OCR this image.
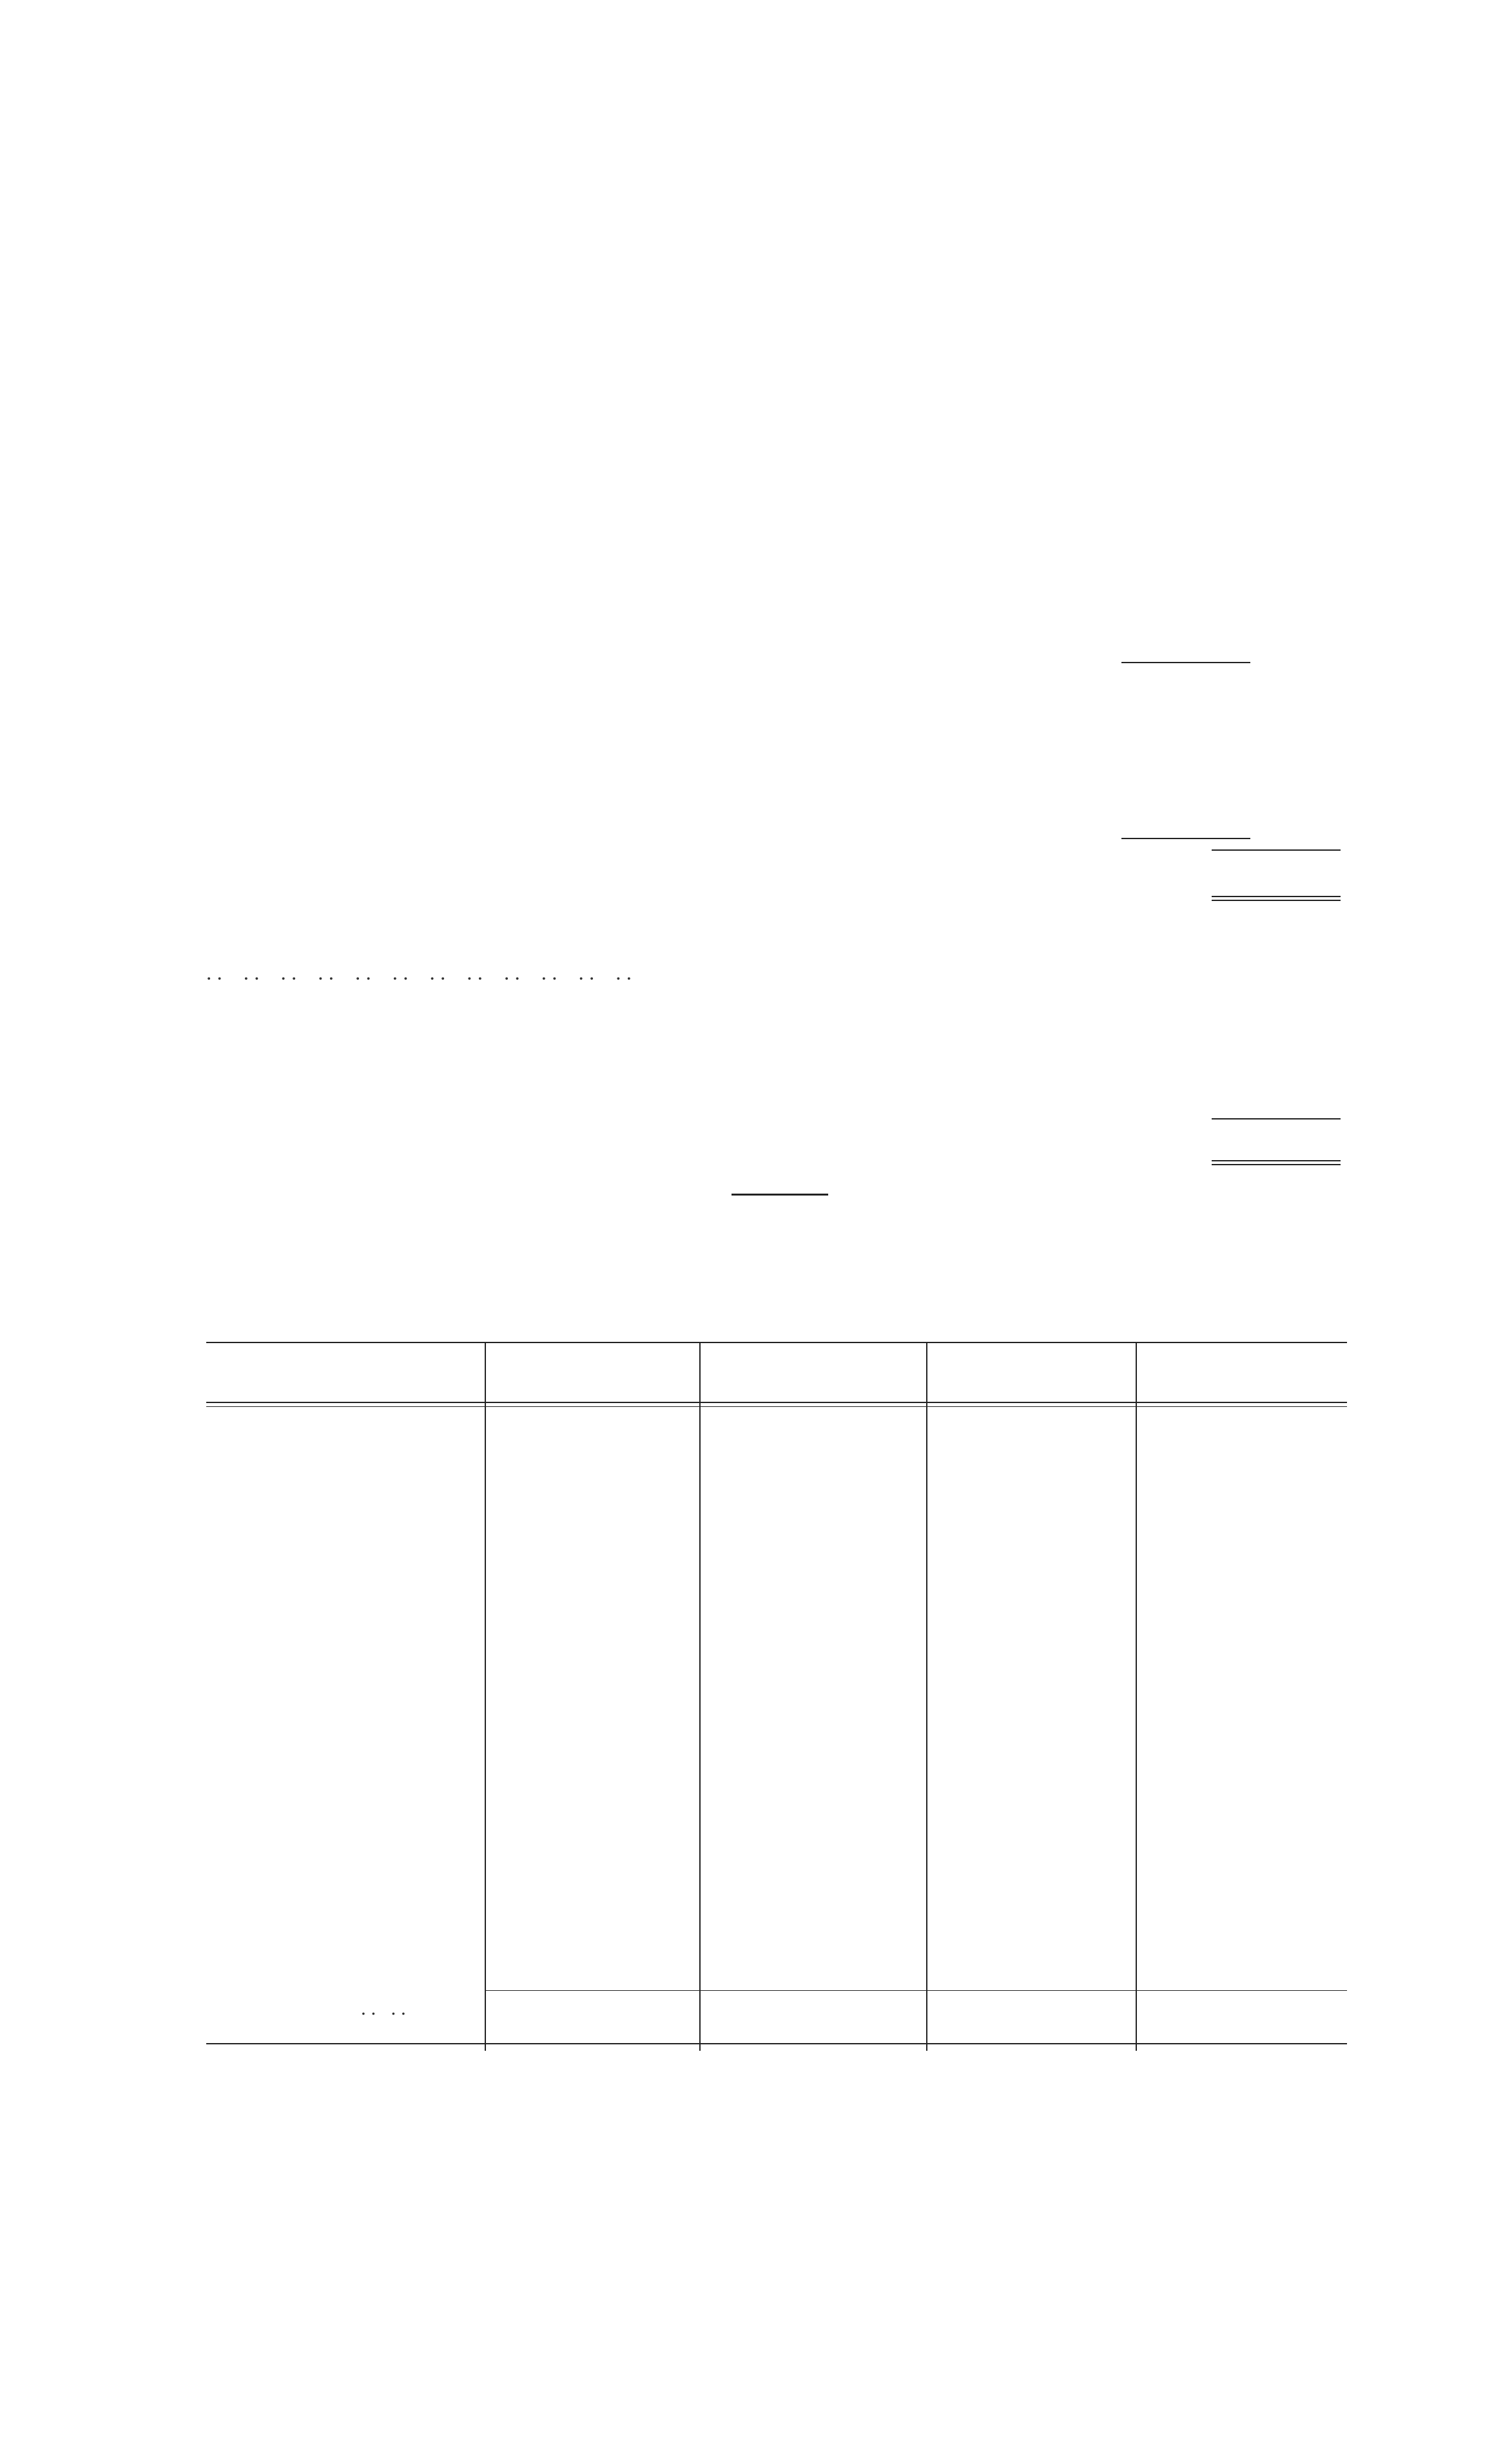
. .    . .    . .    . .    . .    . .    . .    . .    . .    . .    . .    . .
. .   . .
